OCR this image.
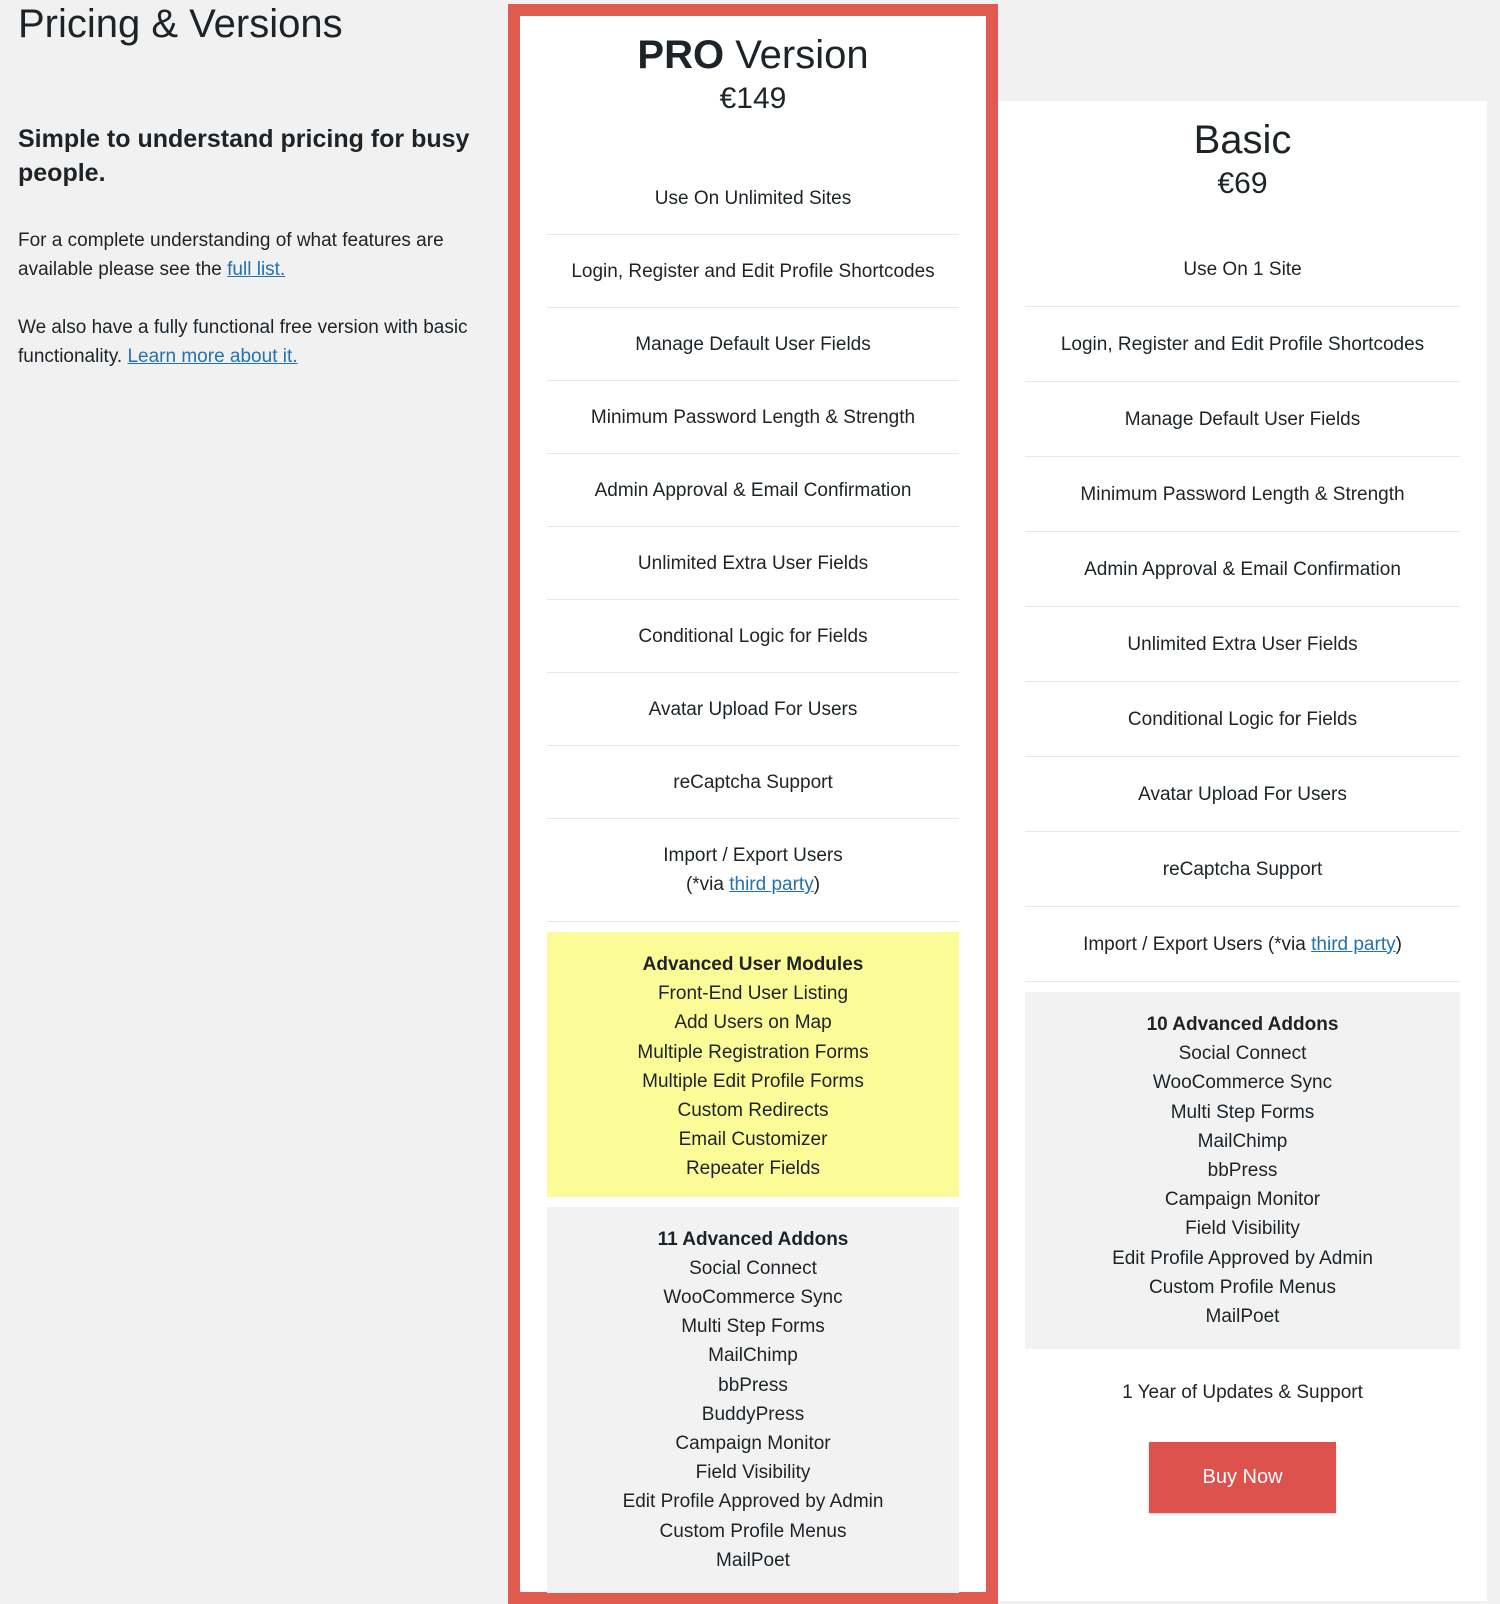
Pricing & Versions

Simple to understand pricing for busy people.

For a complete understanding of what features are available please see the full list.

We also have a fully functional free version with basic functionality. Learn more about it.

PRO Version
€149
Use On Unlimited Sites
Login, Register and Edit Profile Shortcodes
Manage Default User Fields
Minimum Password Length & Strength
Admin Approval & Email Confirmation
Unlimited Extra User Fields
Conditional Logic for Fields
Avatar Upload For Users
reCaptcha Support
Import / Export Users
(*via third party)
Advanced User Modules
Front-End User Listing
Add Users on Map
Multiple Registration Forms
Multiple Edit Profile Forms
Custom Redirects
Email Customizer
Repeater Fields
11 Advanced Addons
Social Connect
WooCommerce Sync
Multi Step Forms
MailChimp
bbPress
BuddyPress
Campaign Monitor
Field Visibility
Edit Profile Approved by Admin
Custom Profile Menus
MailPoet
Basic
€69
Use On 1 Site
Login, Register and Edit Profile Shortcodes
Manage Default User Fields
Minimum Password Length & Strength
Admin Approval & Email Confirmation
Unlimited Extra User Fields
Conditional Logic for Fields
Avatar Upload For Users
reCaptcha Support
Import / Export Users (*via third party)
10 Advanced Addons
Social Connect
WooCommerce Sync
Multi Step Forms
MailChimp
bbPress
Campaign Monitor
Field Visibility
Edit Profile Approved by Admin
Custom Profile Menus
MailPoet
1 Year of Updates & Support
Buy Now
